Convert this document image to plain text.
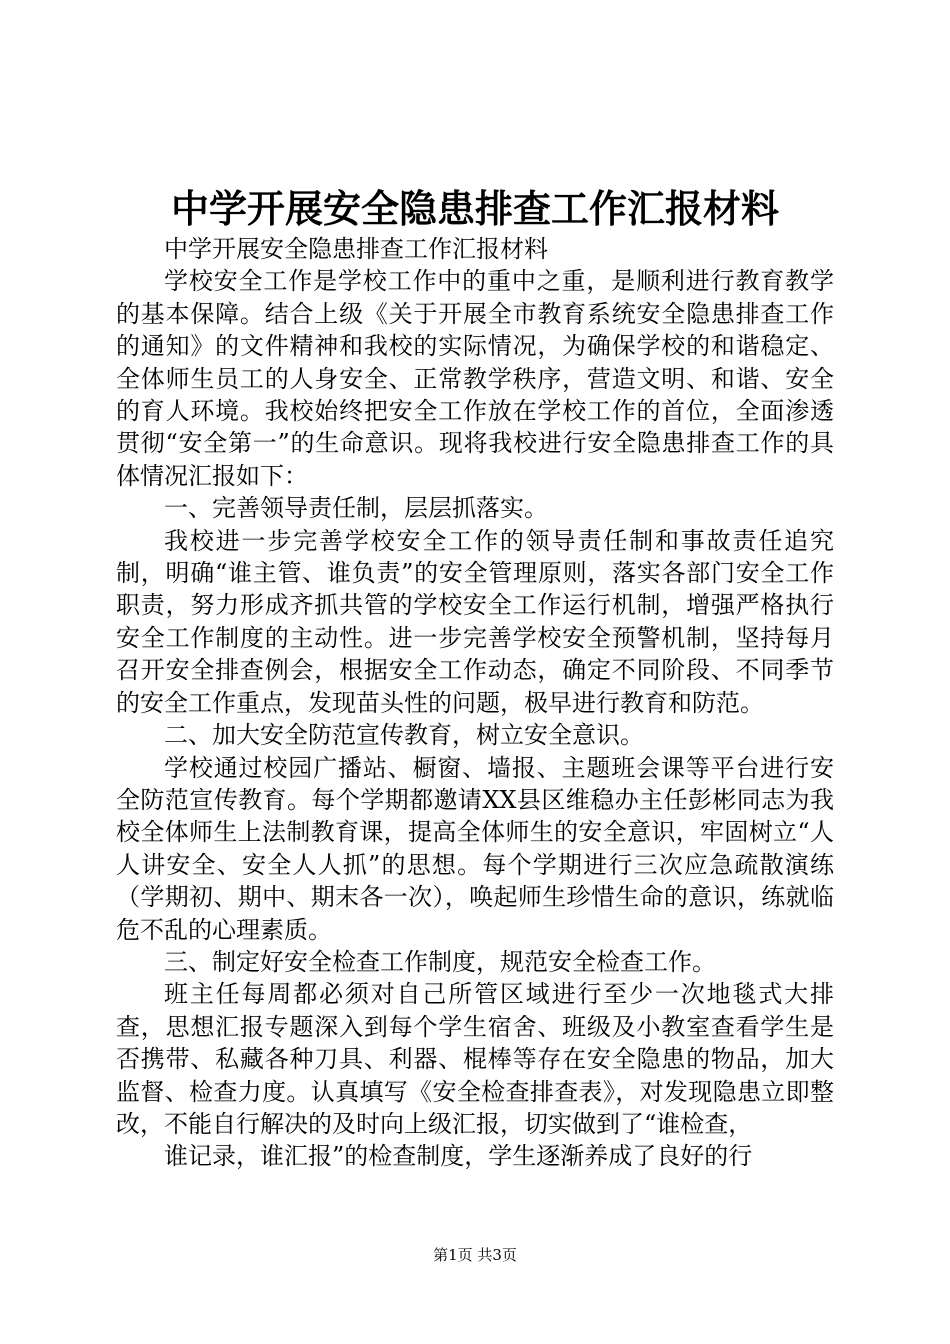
中学开展安全隐患排查工作汇报材料

中学开展安全隐患排查工作汇报材料

学校安全工作是学校工作中的重中之重，是顺利进行教育教学的基本保障。结合上级《关于开展全市教育系统安全隐患排查工作的通知》的文件精神和我校的实际情况，为确保学校的和谐稳定、全体师生员工的人身安全、正常教学秩序，营造文明、和谐、安全的育人环境。我校始终把安全工作放在学校工作的首位，全面渗透贯彻“安全第一”的生命意识。现将我校进行安全隐患排查工作的具体情况汇报如下：

一、完善领导责任制，层层抓落实。

我校进一步完善学校安全工作的领导责任制和事故责任追究制，明确“谁主管、谁负责”的安全管理原则，落实各部门安全工作职责，努力形成齐抓共管的学校安全工作运行机制，增强严格执行安全工作制度的主动性。进一步完善学校安全预警机制，坚持每月召开安全排查例会，根据安全工作动态，确定不同阶段、不同季节的安全工作重点，发现苗头性的问题，极早进行教育和防范。

二、加大安全防范宣传教育，树立安全意识。

学校通过校园广播站、橱窗、墙报、主题班会课等平台进行安全防范宣传教育。每个学期都邀请XX县区维稳办主任彭彬同志为我校全体师生上法制教育课，提高全体师生的安全意识，牢固树立“人人讲安全、安全人人抓”的思想。每个学期进行三次应急疏散演练（学期初、期中、期末各一次），唤起师生珍惜生命的意识，练就临危不乱的心理素质。

三、制定好安全检查工作制度，规范安全检查工作。

班主任每周都必须对自己所管区域进行至少一次地毯式大排查，思想汇报专题深入到每个学生宿舍、班级及小教室查看学生是否携带、私藏各种刀具、利器、棍棒等存在安全隐患的物品，加大监督、检查力度。认真填写《安全检查排查表》，对发现隐患立即整改，不能自行解决的及时向上级汇报，切实做到了“谁检查，

谁记录，谁汇报”的检查制度，学生逐渐养成了良好的行

第1页 共3页
